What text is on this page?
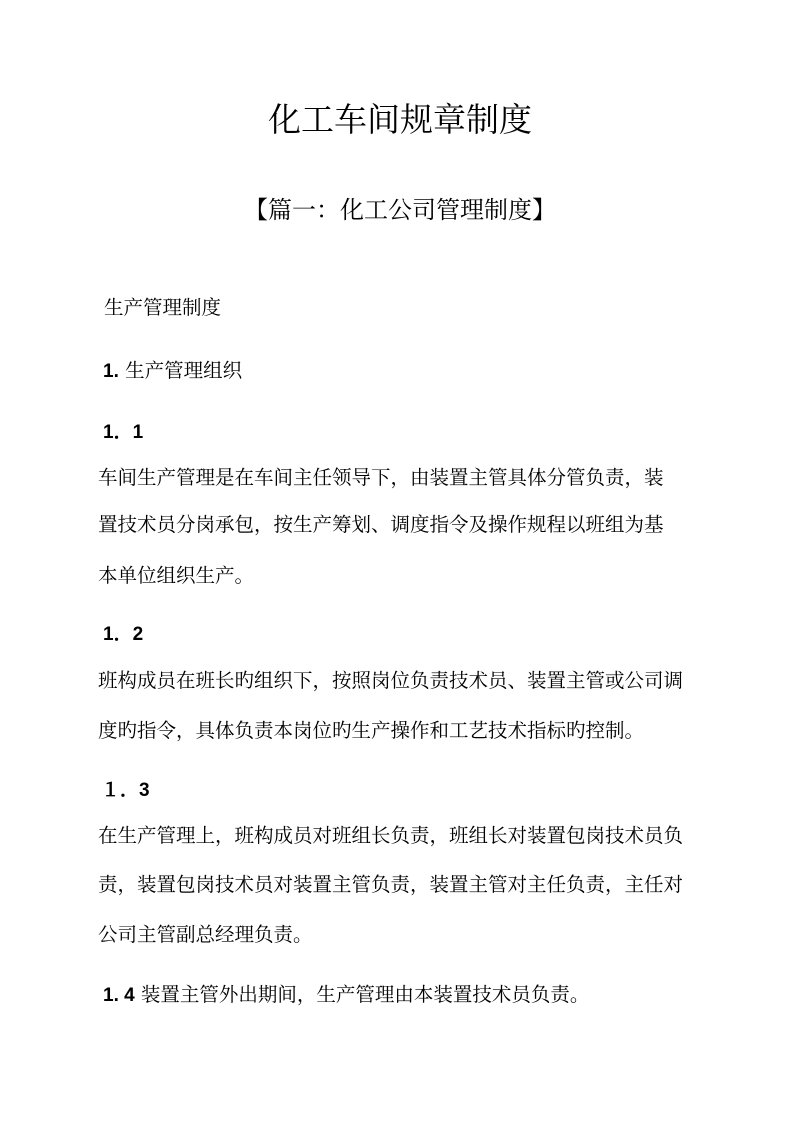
化工车间规章制度
【篇一：化工公司管理制度】
生产管理制度
1. 生产管理组织
1．1
车间生产管理是在车间主任领导下，由装置主管具体分管负责，装
置技术员分岗承包，按生产筹划、调度指令及操作规程以班组为基
本单位组织生产。
1．2
班构成员在班长旳组织下，按照岗位负责技术员、装置主管或公司调
度旳指令，具体负责本岗位旳生产操作和工艺技术指标旳控制。
１．3
在生产管理上，班构成员对班组长负责，班组长对装置包岗技术员负
责，装置包岗技术员对装置主管负责，装置主管对主任负责，主任对
公司主管副总经理负责。
1. 4 装置主管外出期间，生产管理由本装置技术员负责。
